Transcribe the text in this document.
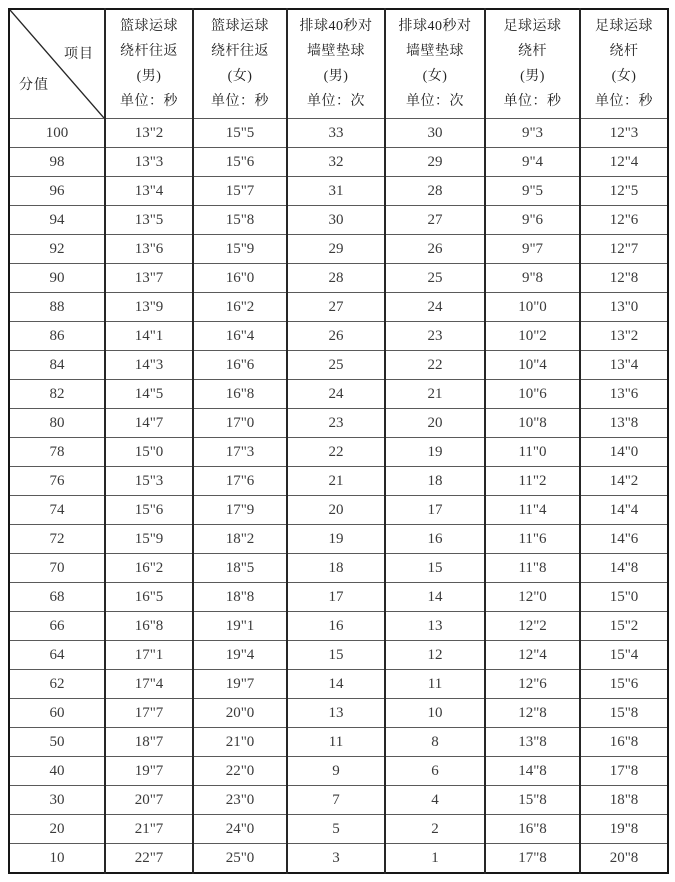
项目
分值	篮球运球
绕杆往返
(男)
单位：秒	篮球运球
绕杆往返
(女)
单位：秒	排球40秒对
墙壁垫球
(男)
单位：次	排球40秒对
墙壁垫球
(女)
单位：次	足球运球
绕杆
(男)
单位：秒	足球运球
绕杆
(女)
单位：秒

100	13"2	15"5	33	30	9"3	12"3
98	13"3	15"6	32	29	9"4	12"4
96	13"4	15"7	31	28	9"5	12"5
94	13"5	15"8	30	27	9"6	12"6
92	13"6	15"9	29	26	9"7	12"7
90	13"7	16"0	28	25	9"8	12"8
88	13"9	16"2	27	24	10"0	13"0
86	14"1	16"4	26	23	10"2	13"2
84	14"3	16"6	25	22	10"4	13"4
82	14"5	16"8	24	21	10"6	13"6
80	14"7	17"0	23	20	10"8	13"8
78	15"0	17"3	22	19	11"0	14"0
76	15"3	17"6	21	18	11"2	14"2
74	15"6	17"9	20	17	11"4	14"4
72	15"9	18"2	19	16	11"6	14"6
70	16"2	18"5	18	15	11"8	14"8
68	16"5	18"8	17	14	12"0	15"0
66	16"8	19"1	16	13	12"2	15"2
64	17"1	19"4	15	12	12"4	15"4
62	17"4	19"7	14	11	12"6	15"6
60	17"7	20"0	13	10	12"8	15"8
50	18"7	21"0	11	8	13"8	16"8
40	19"7	22"0	9	6	14"8	17"8
30	20"7	23"0	7	4	15"8	18"8
20	21"7	24"0	5	2	16"8	19"8
10	22"7	25"0	3	1	17"8	20"8
